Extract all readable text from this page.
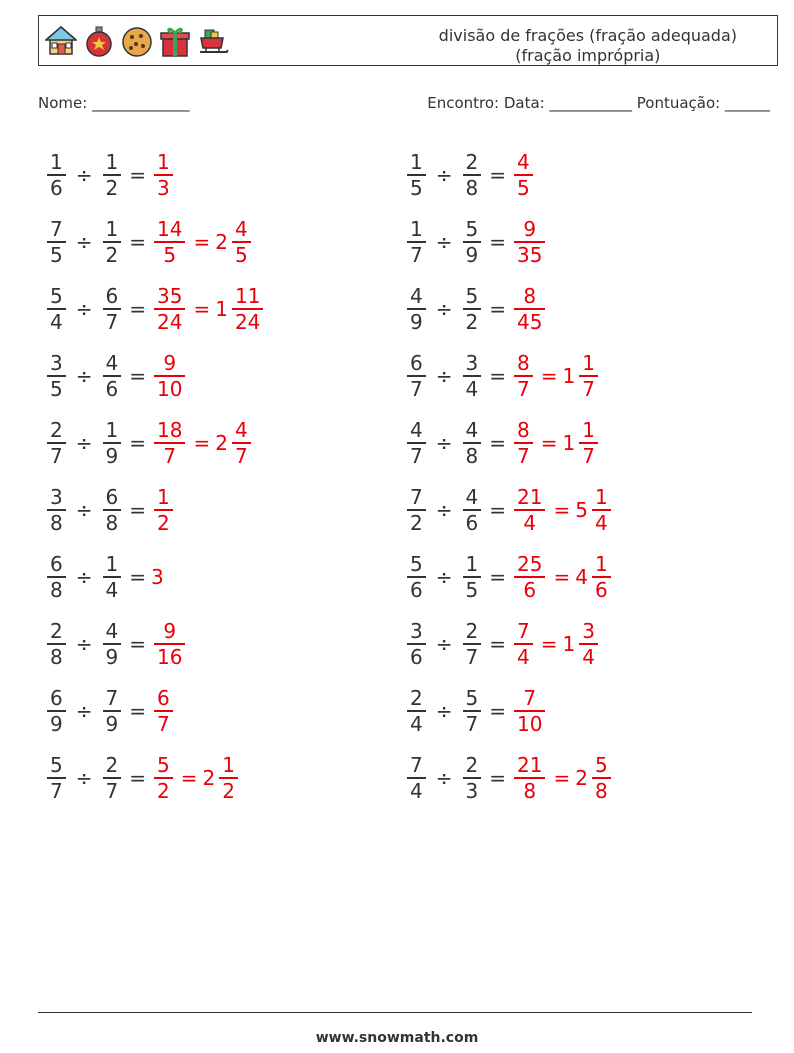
divisão de frações (fração adequada)
(fração imprópria)
Nome: _____________	Encontro: Data: ___________ Pontuação: ______
$\frac{1}{6} \div \frac{1}{2} = \frac{1}{3}$	$\frac{1}{5} \div \frac{2}{8} = \frac{4}{5}$
$\frac{7}{5} \div \frac{1}{2} = \frac{14}{5} = 2 \frac{4}{5}$	$\frac{1}{7} \div \frac{5}{9} = \frac{9}{35}$
$\frac{5}{4} \div \frac{6}{7} = \frac{35}{24} = 1 \frac{11}{24}$	$\frac{4}{9} \div \frac{5}{2} = \frac{8}{45}$
$\frac{3}{5} \div \frac{4}{6} = \frac{9}{10}$	$\frac{6}{7} \div \frac{3}{4} = \frac{8}{7} = 1 \frac{1}{7}$
$\frac{2}{7} \div \frac{1}{9} = \frac{18}{7} = 2 \frac{4}{7}$	$\frac{4}{7} \div \frac{4}{8} = \frac{8}{7} = 1 \frac{1}{7}$
$\frac{3}{8} \div \frac{6}{8} = \frac{1}{2}$	$\frac{7}{2} \div \frac{4}{6} = \frac{21}{4} = 5 \frac{1}{4}$
$\frac{6}{8} \div \frac{1}{4} = 3$	$\frac{5}{6} \div \frac{1}{5} = \frac{25}{6} = 4 \frac{1}{6}$
$\frac{2}{8} \div \frac{4}{9} = \frac{9}{16}$	$\frac{3}{6} \div \frac{2}{7} = \frac{7}{4} = 1 \frac{3}{4}$
$\frac{6}{9} \div \frac{7}{9} = \frac{6}{7}$	$\frac{2}{4} \div \frac{5}{7} = \frac{7}{10}$
$\frac{5}{7} \div \frac{2}{7} = \frac{5}{2} = 2 \frac{1}{2}$	$\frac{7}{4} \div \frac{2}{3} = \frac{21}{8} = 2 \frac{5}{8}$
www.snowmath.com
